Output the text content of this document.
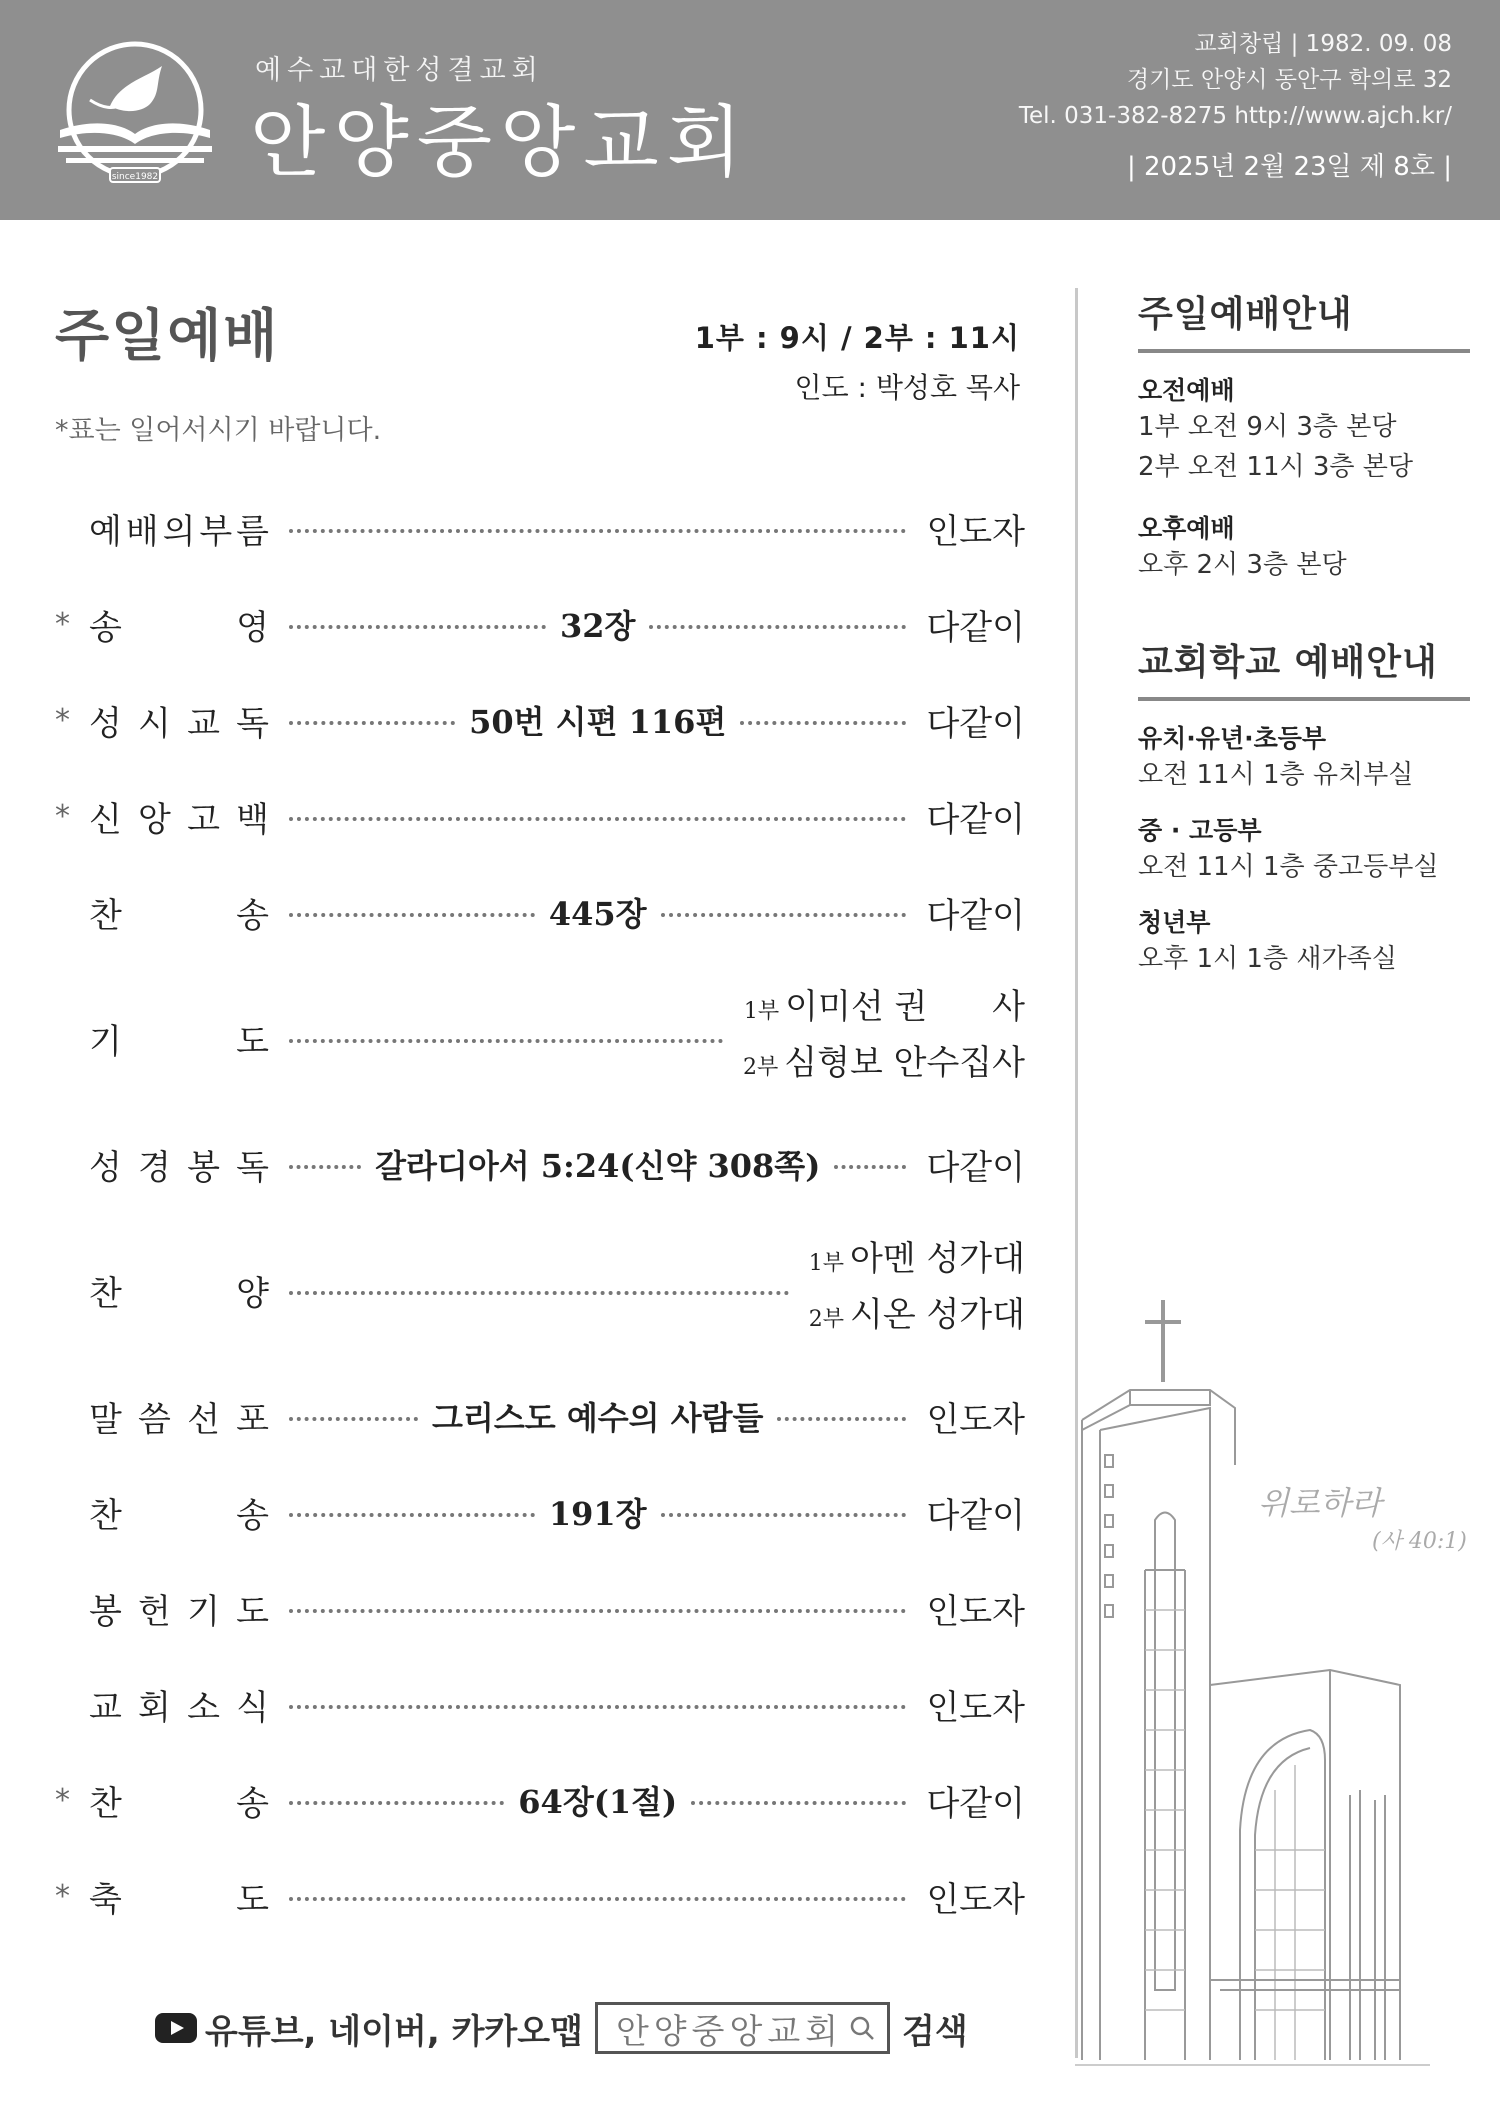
since1982
예수교대한성결교회
안양중앙교회
교회창립 | 1982. 09. 08
경기도 안양시 동안구 학의로 32
Tel. 031-382-8275 http://www.ajch.kr/
| 2025년 2월 23일 제 8호 |
주일예배	1부 : 9시 / 2부 : 11시
인도 : 박성호 목사
*표는 일어서시기 바랍니다.
예 배 의 부 름	인도자
* 송	영	32장	다같이
* 성 시 교 독	50번 시편 116편	다같이
* 신 앙 고 백	다같이
찬	송	445장	다같이
기	도
1부 이미선 권      사
2부 심형보 안수집사
성 경 봉 독	갈라디아서 5:24(신약 308쪽)	다같이
찬	양
1부 아멘 성가대
2부 시온 성가대
말 씀 선 포	그리스도 예수의 사람들	인도자
찬	송	191장	다같이
봉 헌 기 도	인도자
교 회 소 식	인도자
* 찬	송	64장(1절)	다같이
* 축	도	인도자
주일예배안내
오전예배
1부 오전 9시 3층 본당
2부 오전 11시 3층 본당
오후예배
오후 2시 3층 본당
교회학교 예배안내
유치·유년·초등부
오전 11시 1층 유치부실
중 · 고등부
오전 11시 1층 중고등부실
청년부
오후 1시 1층 새가족실
위로하라
(사 40:1)
유튜브, 네이버, 카카오맵 안양중앙교회 검색
